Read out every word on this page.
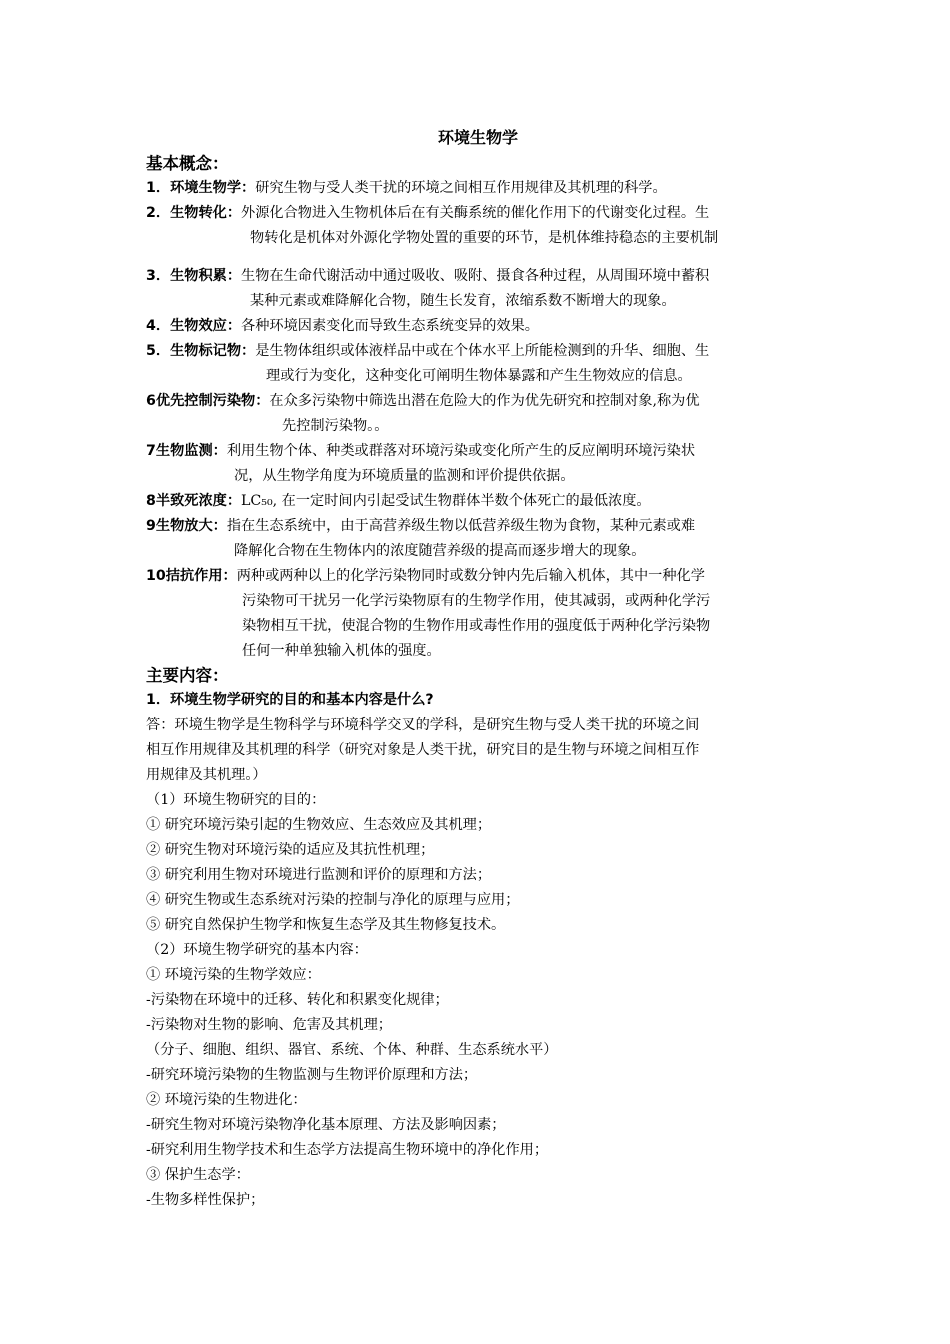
环境生物学
基本概念：
1．环境生物学：研究生物与受人类干扰的环境之间相互作用规律及其机理的科学。
2．生物转化：外源化合物进入生物机体后在有关酶系统的催化作用下的代谢变化过程。生
物转化是机体对外源化学物处置的重要的环节，是机体维持稳态的主要机制
3．生物积累：生物在生命代谢活动中通过吸收、吸附、摄食各种过程，从周围环境中蓄积
某种元素或难降解化合物，随生长发育，浓缩系数不断增大的现象。
4．生物效应：各种环境因素变化而导致生态系统变异的效果。
5．生物标记物：是生物体组织或体液样品中或在个体水平上所能检测到的升华、细胞、生
理或行为变化，这种变化可阐明生物体暴露和产生生物效应的信息。
6优先控制污染物：在众多污染物中筛选出潜在危险大的作为优先研究和控制对象,称为优
先控制污染物。。
7生物监测：利用生物个体、种类或群落对环境污染或变化所产生的反应阐明环境污染状
况，从生物学角度为环境质量的监测和评价提供依据。
8半致死浓度：LC₅₀, 在一定时间内引起受试生物群体半数个体死亡的最低浓度。
9生物放大：指在生态系统中，由于高营养级生物以低营养级生物为食物，某种元素或难
降解化合物在生物体内的浓度随营养级的提高而逐步增大的现象。
10拮抗作用：两种或两种以上的化学污染物同时或数分钟内先后输入机体，其中一种化学
污染物可干扰另一化学污染物原有的生物学作用，使其减弱，或两种化学污
染物相互干扰，使混合物的生物作用或毒性作用的强度低于两种化学污染物
任何一种单独输入机体的强度。
主要内容：
1．环境生物学研究的目的和基本内容是什么?
答：环境生物学是生物科学与环境科学交叉的学科，是研究生物与受人类干扰的环境之间
相互作用规律及其机理的科学（研究对象是人类干扰，研究目的是生物与环境之间相互作
用规律及其机理。）
（1）环境生物研究的目的：
① 研究环境污染引起的生物效应、生态效应及其机理；
② 研究生物对环境污染的适应及其抗性机理；
③ 研究利用生物对环境进行监测和评价的原理和方法；
④ 研究生物或生态系统对污染的控制与净化的原理与应用；
⑤ 研究自然保护生物学和恢复生态学及其生物修复技术。
（2）环境生物学研究的基本内容：
① 环境污染的生物学效应：
-污染物在环境中的迁移、转化和积累变化规律；
-污染物对生物的影响、危害及其机理；
（分子、细胞、组织、器官、系统、个体、种群、生态系统水平）
-研究环境污染物的生物监测与生物评价原理和方法；
② 环境污染的生物进化：
-研究生物对环境污染物净化基本原理、方法及影响因素；
-研究利用生物学技术和生态学方法提高生物环境中的净化作用；
③ 保护生态学：
-生物多样性保护；
